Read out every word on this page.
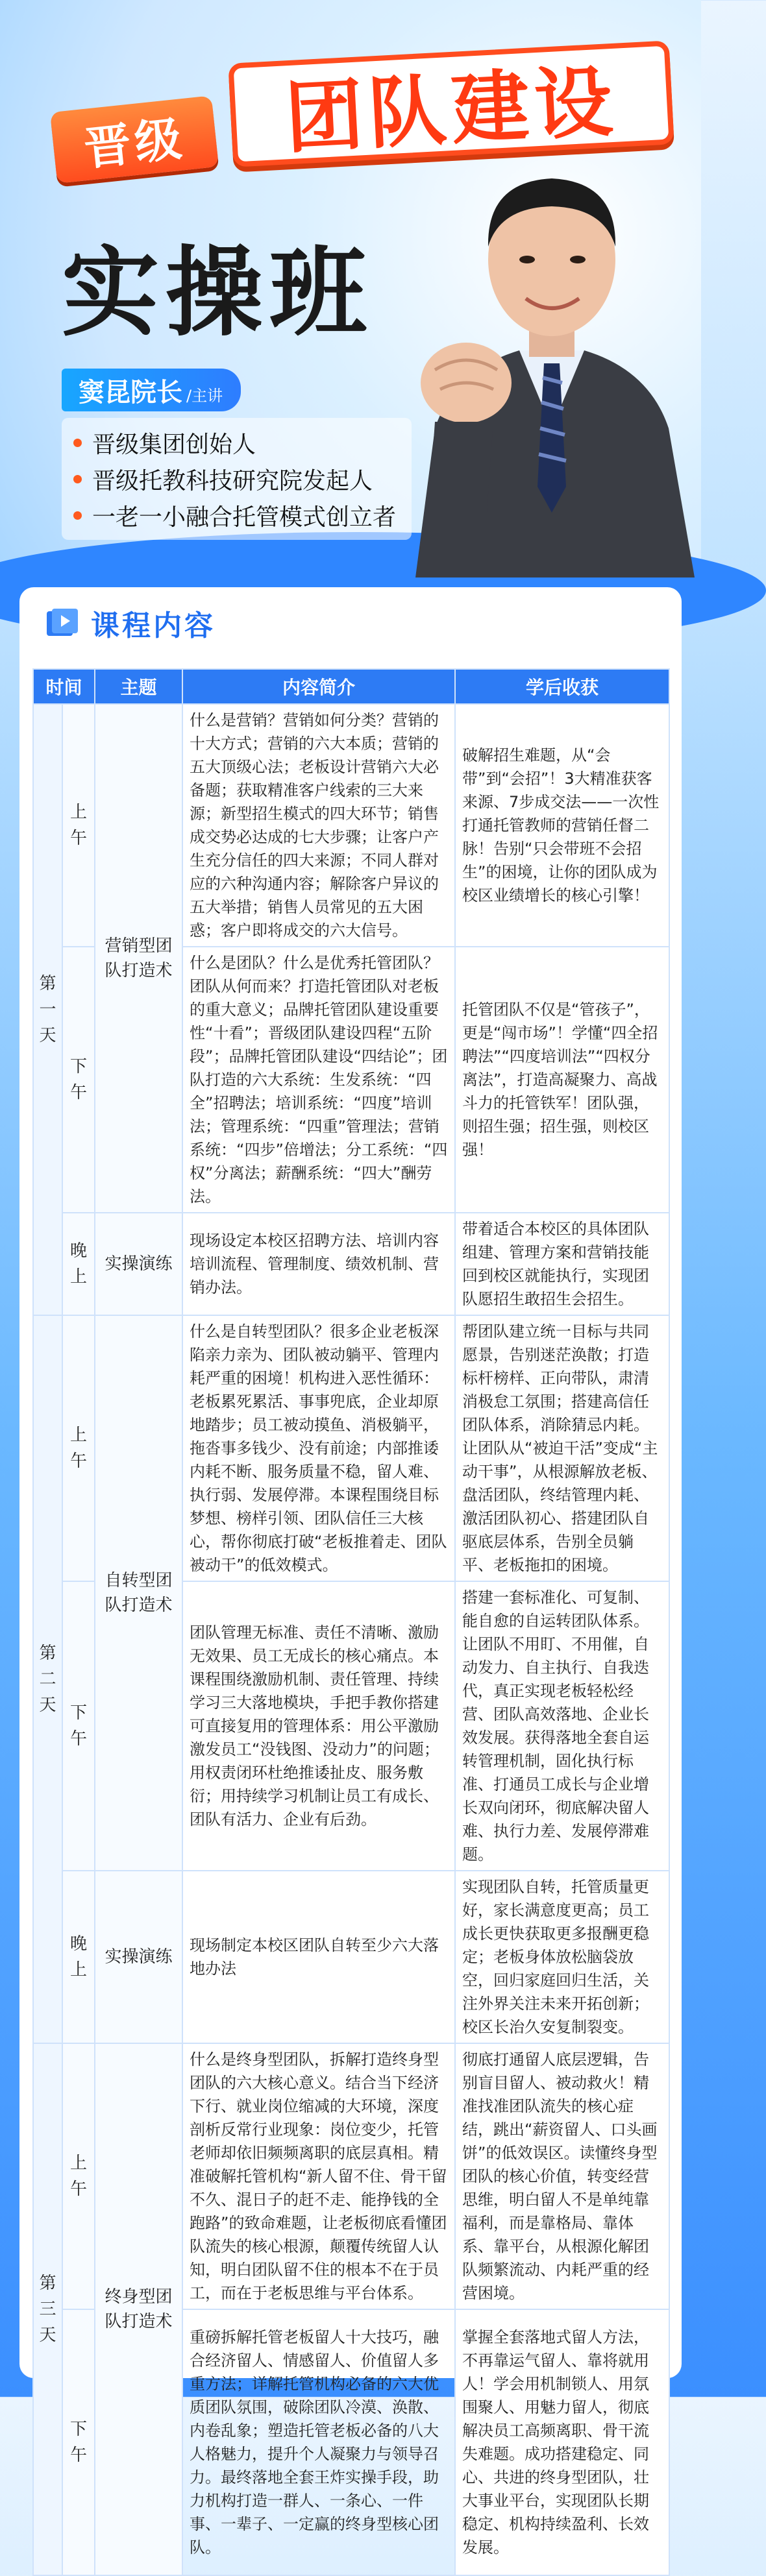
晋级 团队建设
实操班
窦昆院长 /主讲
晋级集团创始人
晋级托教科技研究院发起人
一老一小融合托管模式创立者
课程内容
时间		主题	内容简介	学后收获
第一天	上午	营销型团队打造术	什么是营销？营销如何分类？营销的十大方式；营销的六大本质；营销的五大顶级心法；老板设计营销六大必备题；获取精准客户线索的三大来源；新型招生模式的四大环节；销售成交势必达成的七大步骤；让客户产生充分信任的四大来源；不同人群对应的六种沟通内容；解除客户异议的五大举措；销售人员常见的五大困惑；客户即将成交的六大信号。	破解招生难题，从“会带”到“会招”！3大精准获客来源、7步成交法——一次性打通托管教师的营销任督二脉！告别“只会带班不会招生”的困境，让你的团队成为校区业绩增长的核心引擎！
	下午		什么是团队？什么是优秀托管团队？团队从何而来？打造托管团队对老板的重大意义；品牌托管团队建设重要性“十看”；晋级团队建设四程“五阶段”；品牌托管团队建设“四结论”；团队打造的六大系统：生发系统：“四全”招聘法；培训系统：“四度”培训法；管理系统：“四重”管理法；营销系统：“四步”倍增法；分工系统：“四权”分离法；薪酬系统：“四大”酬劳法。	托管团队不仅是“管孩子”，更是“闯市场”！学懂“四全招聘法”“四度培训法”“四权分离法”，打造高凝聚力、高战斗力的托管铁军！团队强，则招生强；招生强，则校区强！
	晚上	实操演练	现场设定本校区招聘方法、培训内容培训流程、管理制度、绩效机制、营销办法。	带着适合本校区的具体团队组建、管理方案和营销技能回到校区就能执行，实现团队愿招生敢招生会招生。
第二天	上午	自转型团队打造术	什么是自转型团队？很多企业老板深陷亲力亲为、团队被动躺平、管理内耗严重的困境！机构进入恶性循环：老板累死累活、事事兜底，企业却原地踏步；员工被动摸鱼、消极躺平，拖沓事多钱少、没有前途；内部推诿内耗不断、服务质量不稳，留人难、执行弱、发展停滞。本课程围绕目标梦想、榜样引领、团队信任三大核心，帮你彻底打破“老板推着走、团队被动干”的低效模式。	帮团队建立统一目标与共同愿景，告别迷茫涣散；打造标杆榜样、正向带队，肃清消极怠工氛围；搭建高信任团队体系，消除猜忌内耗。让团队从“被迫干活”变成“主动干事”，从根源解放老板、盘活团队，终结管理内耗、激活团队初心、搭建团队自驱底层体系，告别全员躺平、老板拖扣的困境。
	下午		团队管理无标准、责任不清晰、激励无效果、员工无成长的核心痛点。本课程围绕激励机制、责任管理、持续学习三大落地模块，手把手教你搭建可直接复用的管理体系：用公平激励激发员工“没钱图、没动力”的问题；用权责闭环杜绝推诿扯皮、服务敷衍；用持续学习机制让员工有成长、团队有活力、企业有后劲。	搭建一套标准化、可复制、能自愈的自运转团队体系。让团队不用盯、不用催，自动发力、自主执行、自我迭代，真正实现老板轻松经营、团队高效落地、企业长效发展。获得落地全套自运转管理机制，固化执行标准、打通员工成长与企业增长双向闭环，彻底解决留人难、执行力差、发展停滞难题。
	晚上	实操演练	现场制定本校区团队自转至少六大落地办法	实现团队自转，托管质量更好，家长满意度更高；员工成长更快获取更多报酬更稳定；老板身体放松脑袋放空，回归家庭回归生活，关注外界关注未来开拓创新；校区长治久安复制裂变。
第三天	上午	终身型团队打造术	什么是终身型团队，拆解打造终身型团队的六大核心意义。结合当下经济下行、就业岗位缩减的大环境，深度剖析反常行业现象：岗位变少，托管老师却依旧频频离职的底层真相。精准破解托管机构“新人留不住、骨干留不久、混日子的赶不走、能挣钱的全跑路”的致命难题，让老板彻底看懂团队流失的核心根源，颠覆传统留人认知，明白团队留不住的根本不在于员工，而在于老板思维与平台体系。	彻底打通留人底层逻辑，告别盲目留人、被动救火！精准找准团队流失的核心症结，跳出“薪资留人、口头画饼”的低效误区。读懂终身型团队的核心价值，转变经营思维，明白留人不是单纯靠福利，而是靠格局、靠体系、靠平台，从根源化解团队频繁流动、内耗严重的经营困境。
	下午		重磅拆解托管老板留人十大技巧，融合经济留人、情感留人、价值留人多重方法；详解托管机构必备的六大优质团队氛围，破除团队冷漠、涣散、内卷乱象；塑造托管老板必备的八大人格魅力，提升个人凝聚力与领导召力。最终落地全套王炸实操手段，助力机构打造一群人、一条心、一件事、一辈子、一定赢的终身型核心团队。	掌握全套落地式留人方法，不再靠运气留人、靠将就用人！学会用机制锁人、用氛围聚人、用魅力留人，彻底解决员工高频离职、骨干流失难题。成功搭建稳定、同心、共进的终身型团队，壮大事业平台，实现团队长期稳定、机构持续盈利、长效发展。
